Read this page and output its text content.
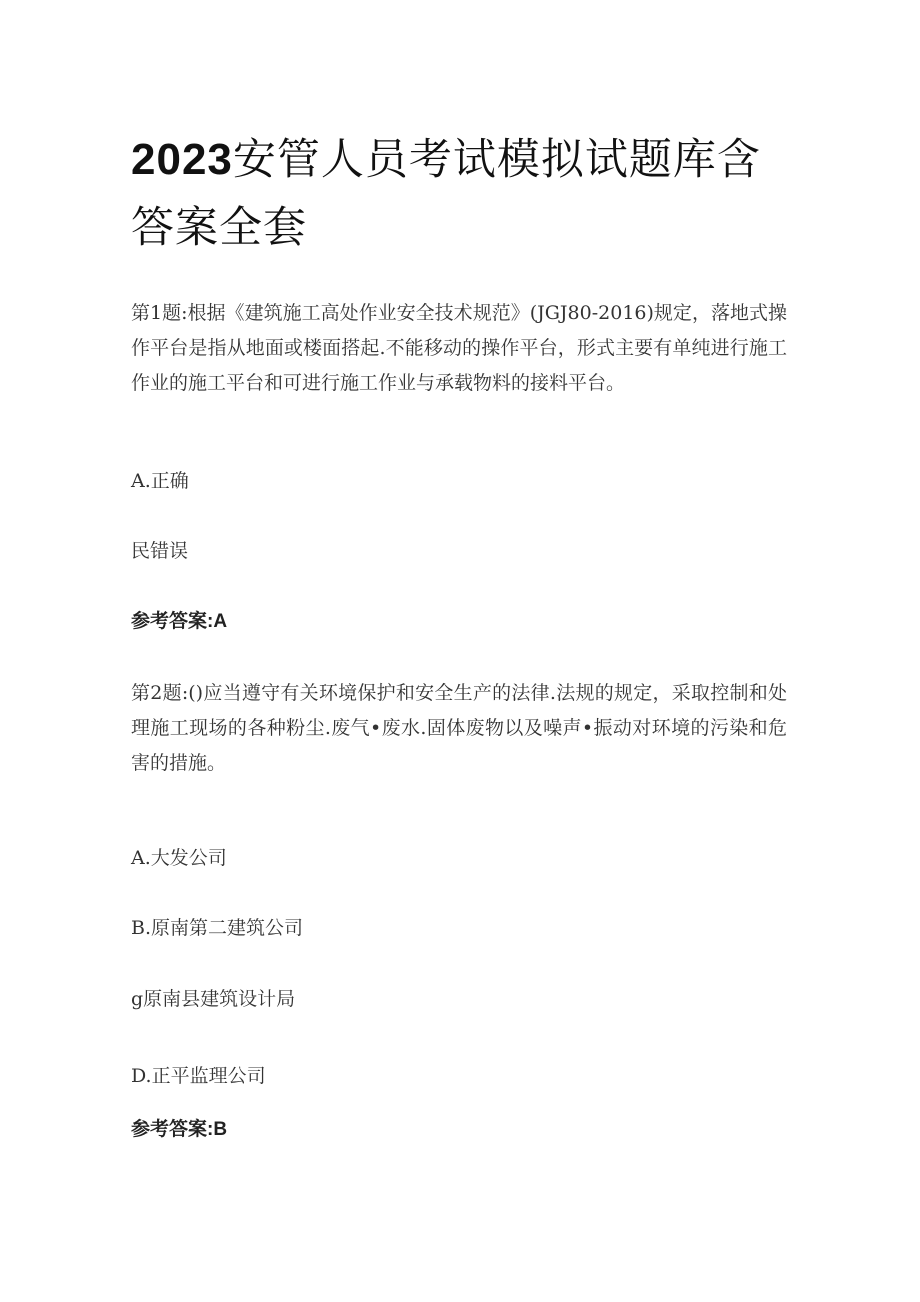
2023安管人员考试模拟试题库含答案全套

第1题:根据《建筑施工高处作业安全技术规范》(JGJ80-2016)规定，落地式操作平台是指从地面或楼面搭起.不能移动的操作平台，形式主要有单纯进行施工作业的施工平台和可进行施工作业与承载物料的接料平台。

A.正确

民错误

参考答案:A

第2题:()应当遵守有关环境保护和安全生产的法律.法规的规定，采取控制和处理施工现场的各种粉尘.废气•废水.固体废物以及噪声•振动对环境的污染和危害的措施。

A.大发公司

B.原南第二建筑公司

g原南县建筑设计局

D.正平监理公司

参考答案:B
